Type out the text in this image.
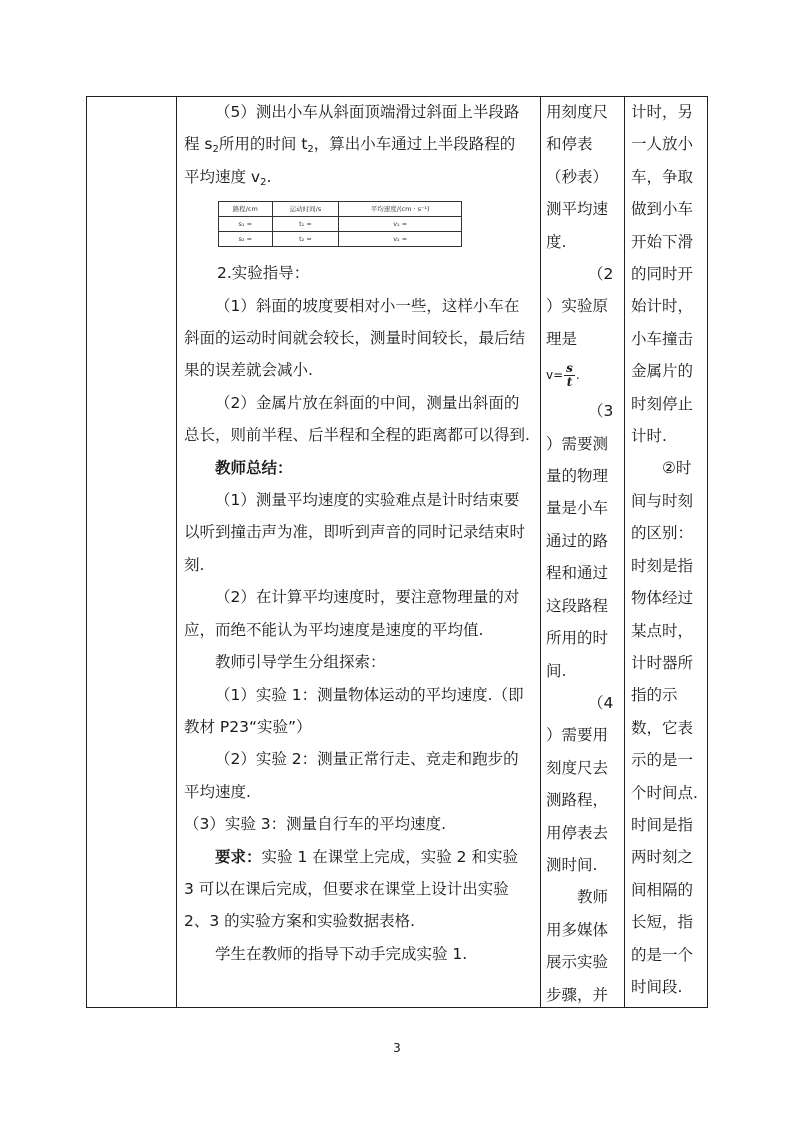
（5）测出小车从斜面顶端滑过斜面上半段路

程 $s_2$所用的时间 $t_2$，算出小车通过上半段路程的

平均速度 $v_2$.

路程/cm	运动时间/s	平均速度/(cm · s⁻¹)
s₁ =	t₁ =	v₁ =
s₂ =	t₂ =	v₂ =

2.实验指导：

（1）斜面的坡度要相对小一些，这样小车在斜面的运动时间就会较长，测量时间较长，最后结果的误差就会减小.

（2）金属片放在斜面的中间，测量出斜面的总长，则前半程、后半程和全程的距离都可以得到.

教师总结：

（1）测量平均速度的实验难点是计时结束要以听到撞击声为准，即听到声音的同时记录结束时刻.

（2）在计算平均速度时，要注意物理量的对应，而绝不能认为平均速度是速度的平均值.

教师引导学生分组探索：

（1）实验 1：测量物体运动的平均速度.（即教材 P23“实验”）

（2）实验 2：测量正常行走、竞走和跑步的平均速度.

（3）实验 3：测量自行车的平均速度.

要求：实验 1 在课堂上完成，实验 2 和实验 3 可以在课后完成，但要求在课堂上设计出实验 2、3 的实验方案和实验数据表格.

学生在教师的指导下动手完成实验 1.

用刻度尺和停表（秒表）测平均速度.

（2

）实验原理是

$v= \frac{s}{t}$ .

（3

）需要测量的物理量是小车通过的路程和通过这段路程所用的时间.

（4

）需要用刻度尺去测路程，用停表去测时间.

教师用多媒体展示实验步骤，并

计时，另一人放小车，争取做到小车开始下滑的同时开始计时，小车撞击金属片的时刻停止计时.

②时间与时刻的区别：时刻是指物体经过某点时，计时器所指的示数，它表示的是一个时间点.时间是指两时刻之间相隔的长短，指的是一个时间段.

3
